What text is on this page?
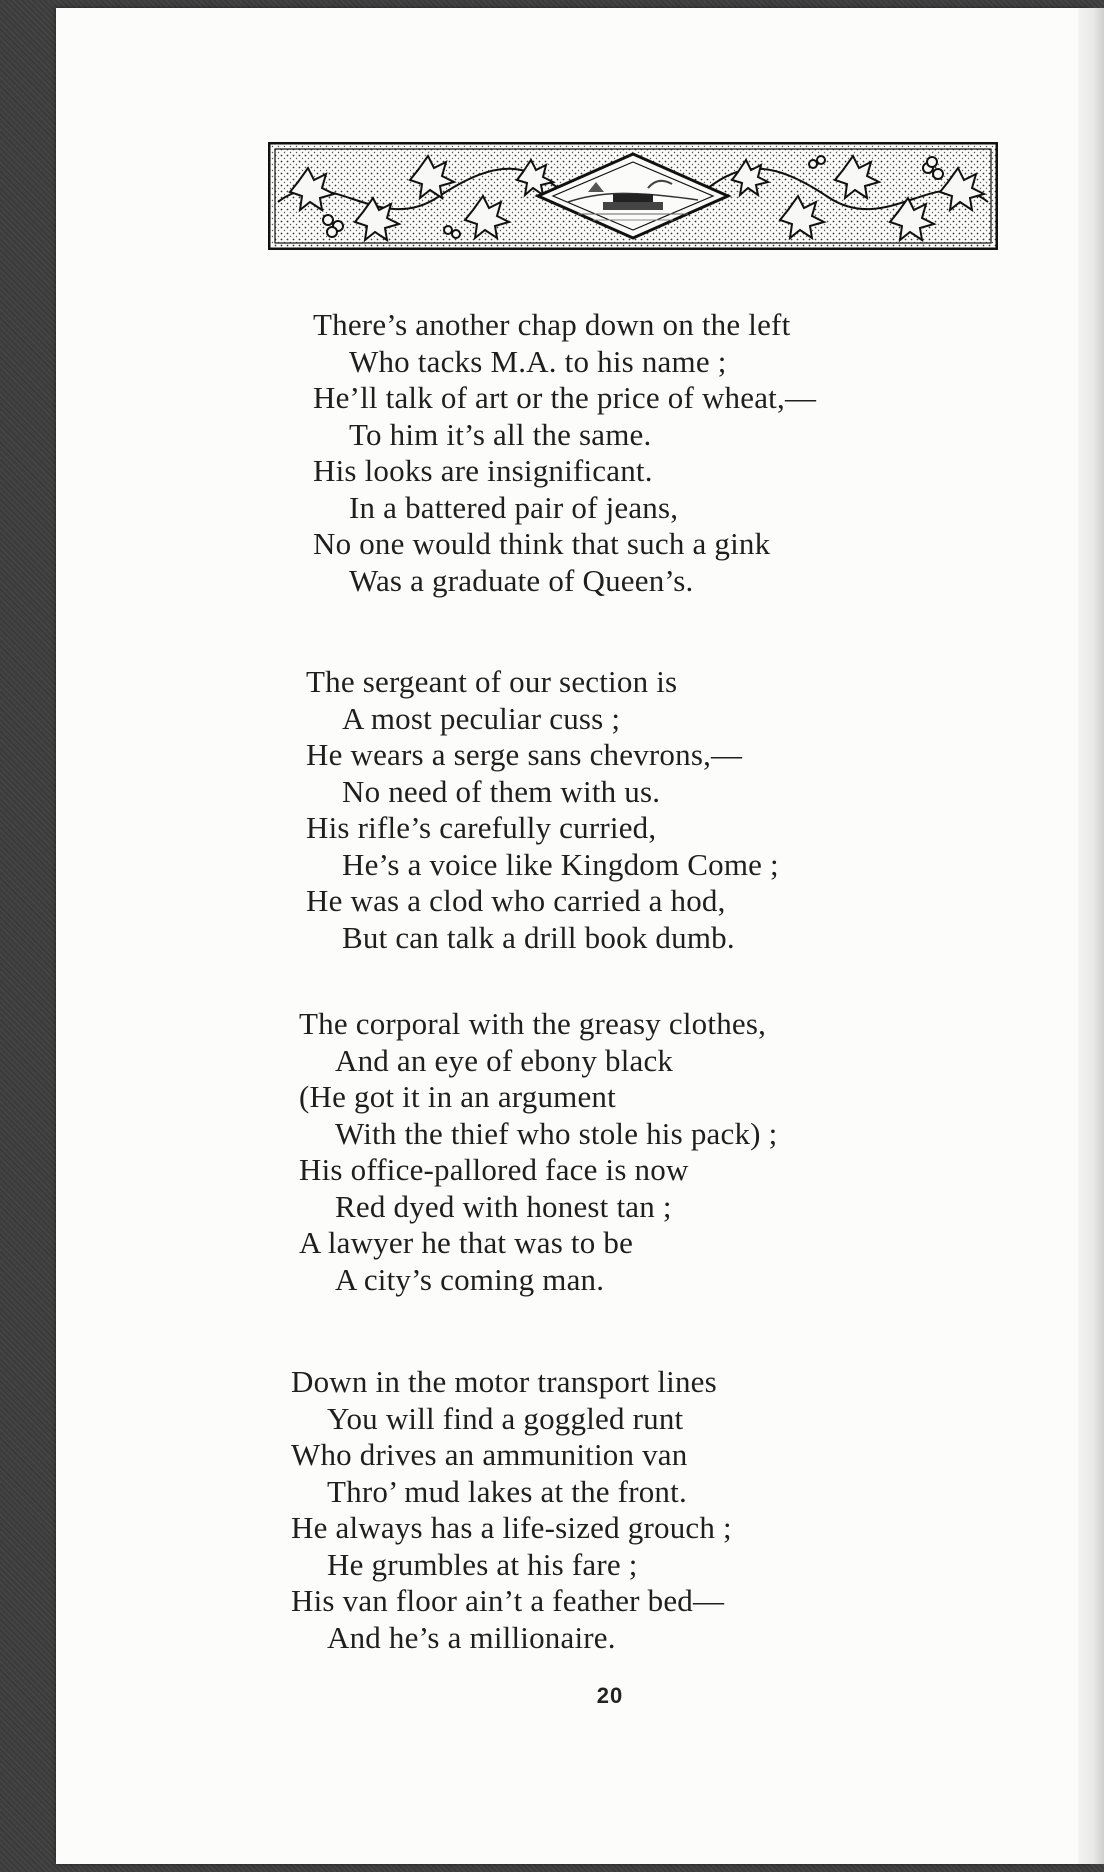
There’s another chap down on the left
Who tacks M.A. to his name ;
He’ll talk of art or the price of wheat,—
To him it’s all the same.
His looks are insignificant.
In a battered pair of jeans,
No one would think that such a gink
Was a graduate of Queen’s.
The sergeant of our section is
A most peculiar cuss ;
He wears a serge sans chevrons,—
No need of them with us.
His rifle’s carefully curried,
He’s a voice like Kingdom Come ;
He was a clod who carried a hod,
But can talk a drill book dumb.
The corporal with the greasy clothes,
And an eye of ebony black
(He got it in an argument
With the thief who stole his pack) ;
His office-pallored face is now
Red dyed with honest tan ;
A lawyer he that was to be
A city’s coming man.
Down in the motor transport lines
You will find a goggled runt
Who drives an ammunition van
Thro’ mud lakes at the front.
He always has a life-sized grouch ;
He grumbles at his fare ;
His van floor ain’t a feather bed—
And he’s a millionaire.
20
